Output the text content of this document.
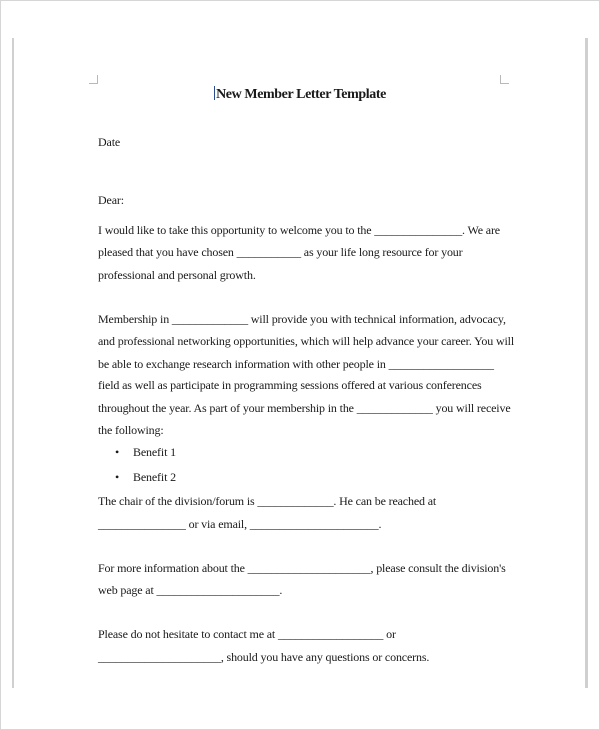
New Member Letter Template
Date
Dear:
I would like to take this opportunity to welcome you to the _______________. We are
pleased that you have chosen ___________ as your life long resource for your
professional and personal growth.
Membership in _____________ will provide you with technical information, advocacy,
and professional networking opportunities, which will help advance your career. You will
be able to exchange research information with other people in __________________
field as well as participate in programming sessions offered at various conferences
throughout the year. As part of your membership in the _____________ you will receive
the following:
• Benefit 1
• Benefit 2
The chair of the division/forum is _____________. He can be reached at
_______________ or via email, ______________________.
For more information about the _____________________, please consult the division's
web page at _____________________.
Please do not hesitate to contact me at __________________ or
_____________________, should you have any questions or concerns.
